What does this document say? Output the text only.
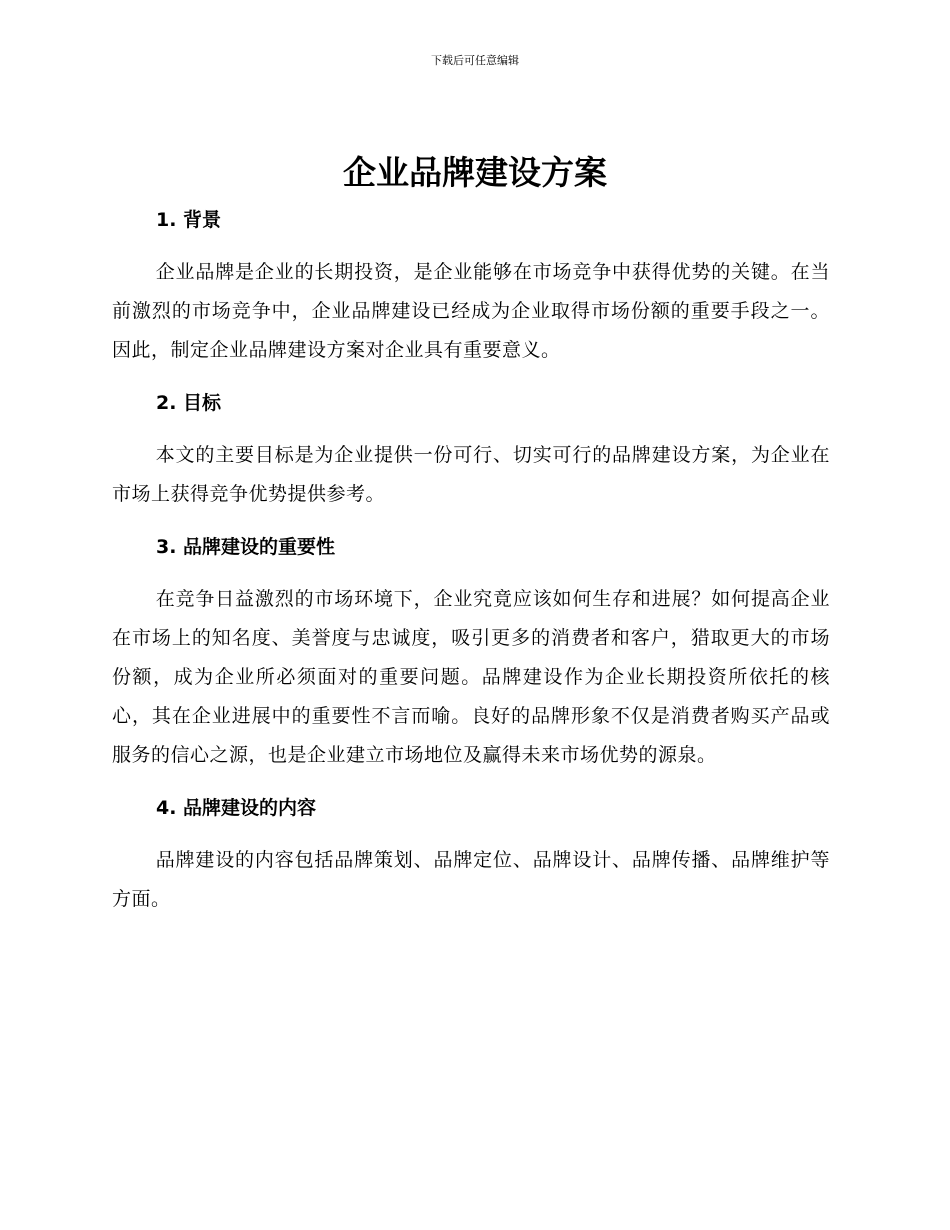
下载后可任意编辑
企业品牌建设方案
1. 背景

企业品牌是企业的长期投资，是企业能够在市场竞争中获得优势的关键。在当前激烈的市场竞争中，企业品牌建设已经成为企业取得市场份额的重要手段之一。因此，制定企业品牌建设方案对企业具有重要意义。

2. 目标

本文的主要目标是为企业提供一份可行、切实可行的品牌建设方案，为企业在市场上获得竞争优势提供参考。

3. 品牌建设的重要性

在竞争日益激烈的市场环境下，企业究竟应该如何生存和进展？如何提高企业在市场上的知名度、美誉度与忠诚度，吸引更多的消费者和客户，猎取更大的市场份额，成为企业所必须面对的重要问题。品牌建设作为企业长期投资所依托的核心，其在企业进展中的重要性不言而喻。良好的品牌形象不仅是消费者购买产品或服务的信心之源，也是企业建立市场地位及赢得未来市场优势的源泉。

4. 品牌建设的内容

品牌建设的内容包括品牌策划、品牌定位、品牌设计、品牌传播、品牌维护等方面。
